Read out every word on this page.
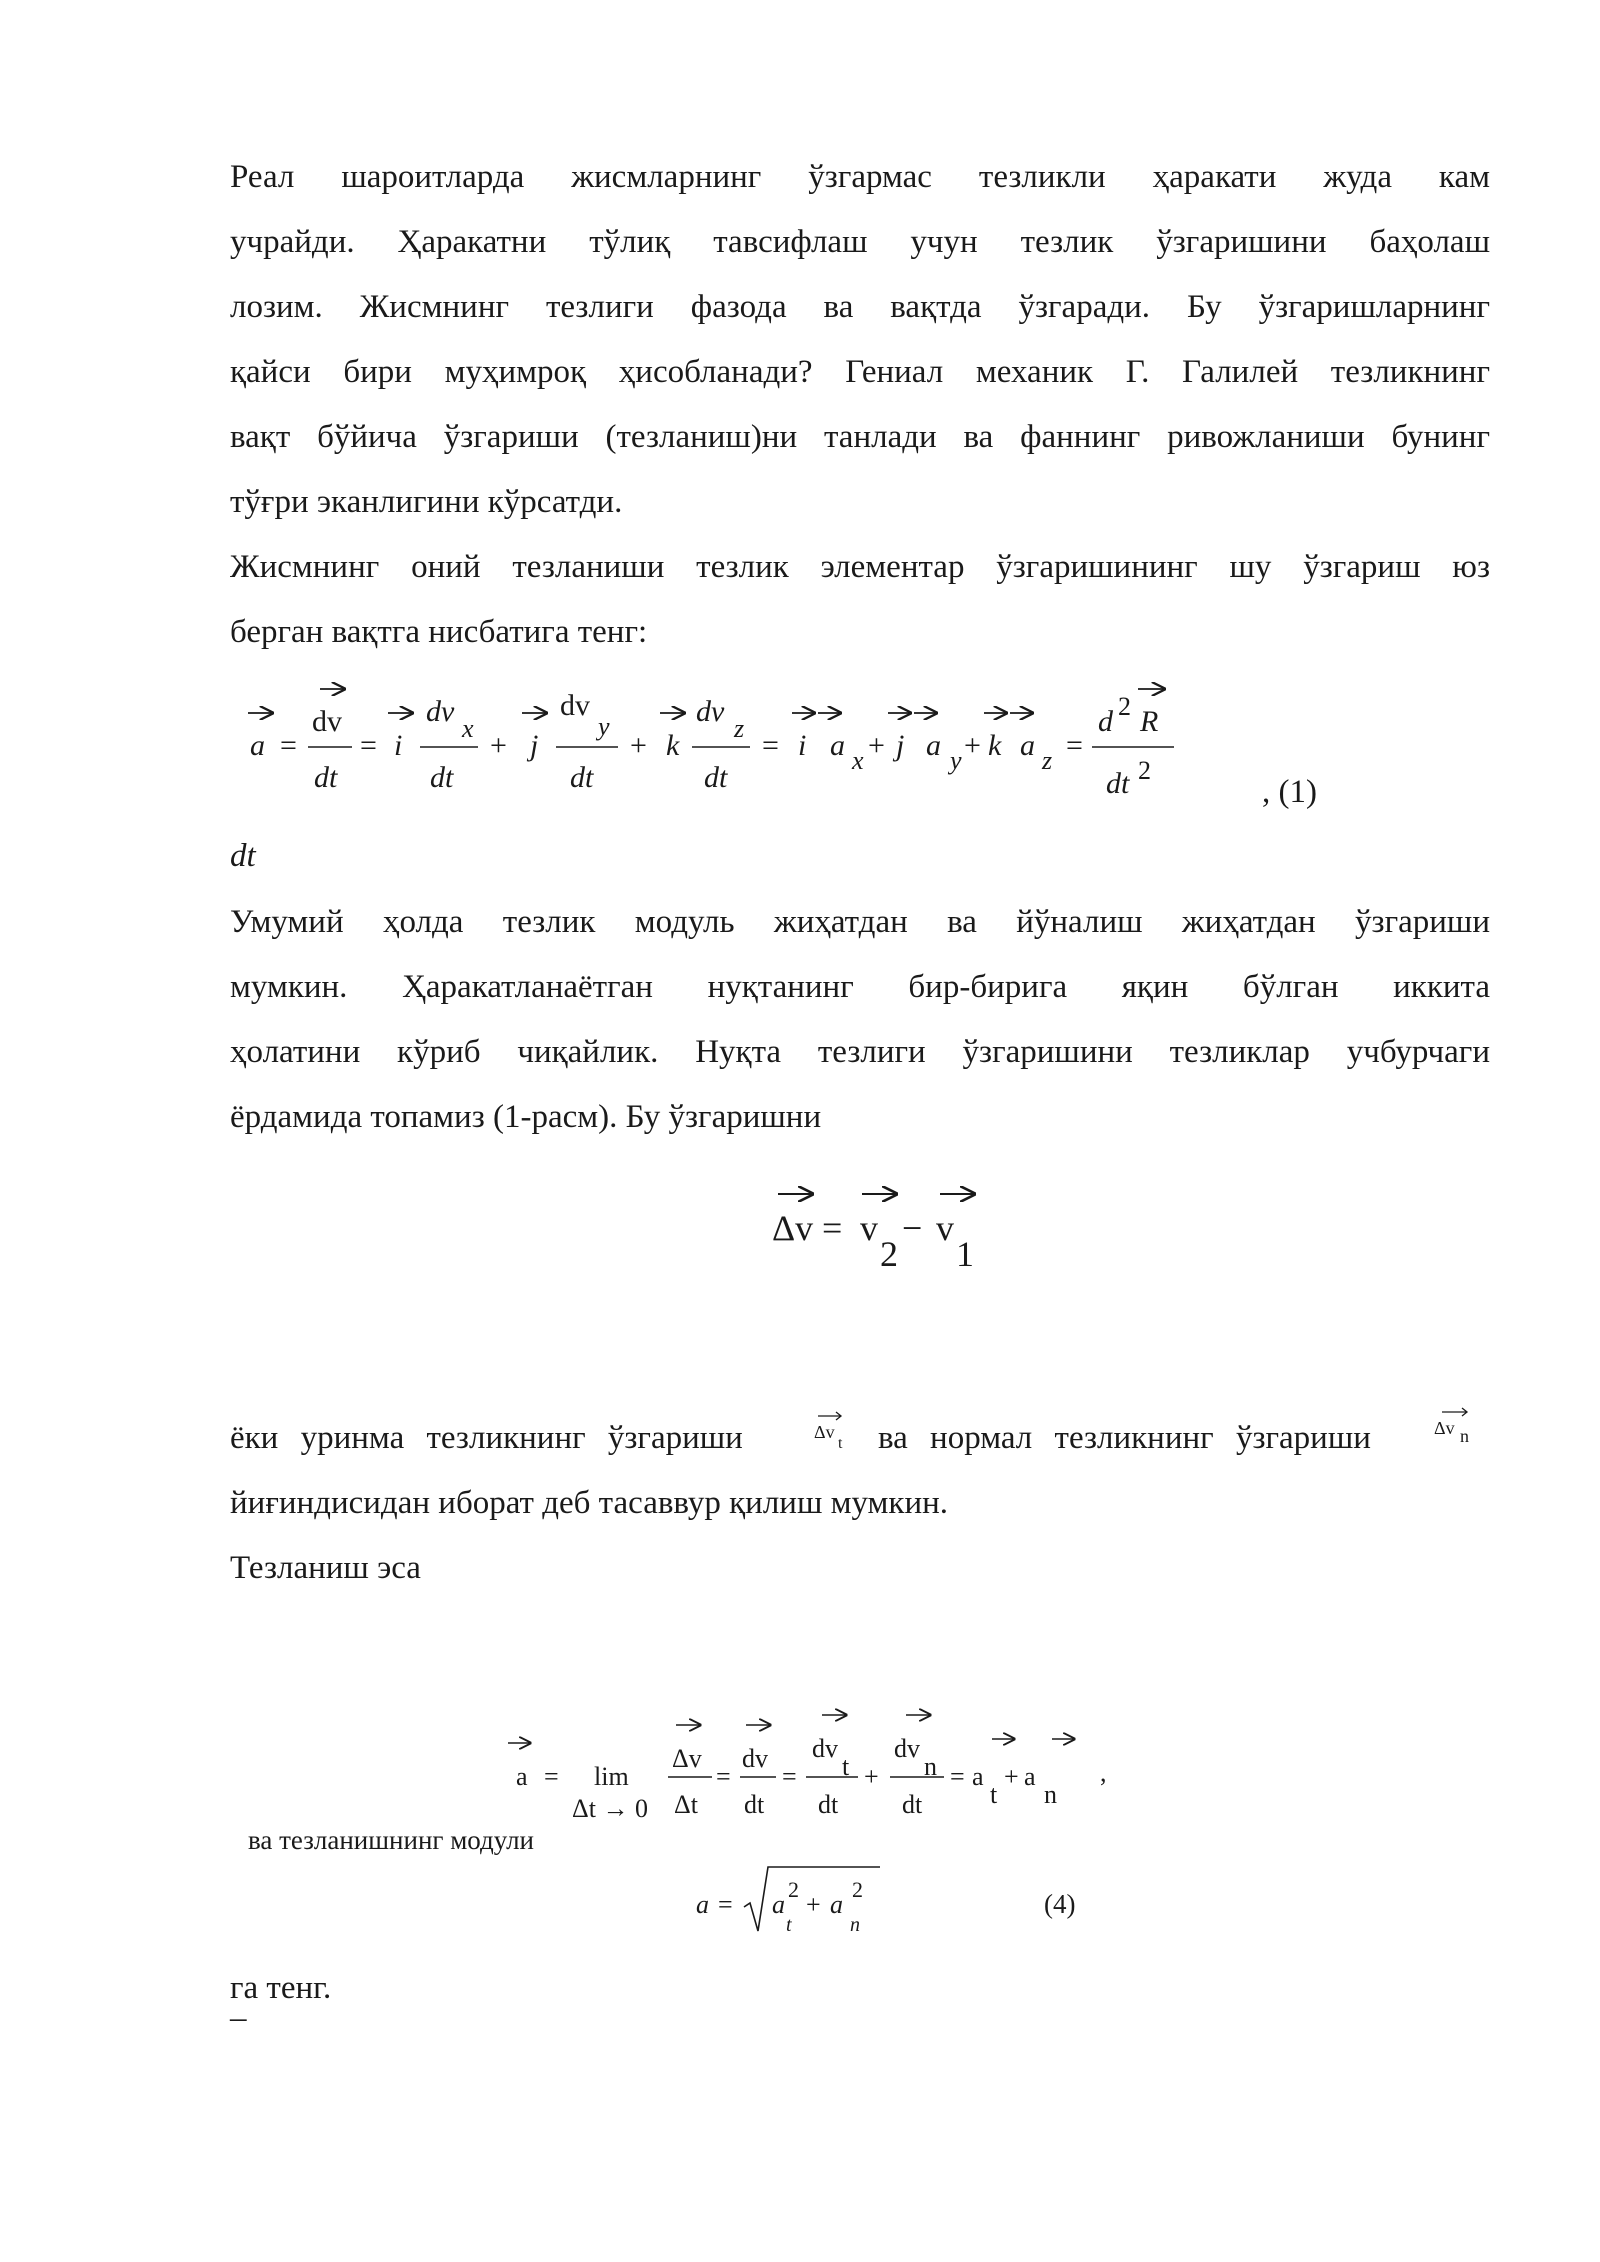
Реал шароитларда жисмларнинг ўзгармас тезликли ҳаракати жуда кам
учрайди. Ҳаракатни тўлиқ тавсифлаш учун тезлик ўзгаришини баҳолаш
лозим. Жисмнинг тезлиги фазода ва вақтда ўзгаради. Бу ўзгаришларнинг
қайси бири муҳимроқ ҳисобланади? Гениал механик Г. Галилей тезликнинг
вақт бўйича ўзгариши (тезланиш)ни танлади ва фаннинг ривожланиши бунинг
тўғри эканлигини кўрсатди.
Жисмнинг оний тезланиши тезлик элементар ўзгаришининг шу ўзгариш юз
берган вақтга нисбатига тенг:
a =
dv
dt
= i
dv
x
dt
+ j
dv
y
dt
+ k
dv
z
dt
= i a x + j a y + k a z =
d 2 R
dt 2
, (1)
dt
Умумий ҳолда тезлик модуль жиҳатдан ва йўналиш жиҳатдан ўзгариши
мумкин. Ҳаракатланаётган нуқтанинг бир-бирига яқин бўлган иккита
ҳолатини кўриб чиқайлик. Нуқта тезлиги ўзгаришини тезликлар учбурчаги
ёрдамида топамиз (1-расм). Бу ўзгаришни
Δv = v
2
− v
1
ёки уринма тезликнинг ўзгариши	Δv
t ва нормал тезликнинг ўзгариши	Δv n
йиғиндисидан иборат деб тасаввур қилиш мумкин.
Тезланиш эса
a = lim
Δt → 0
Δv
Δt
=
dv
dt
=
dv
t
dt
+
dv
n
dt
= a
t
+ a
n
,
ва тезланишнинг модули
a = a
2
t
+ a
2
n
(4)
га тенг.
–
